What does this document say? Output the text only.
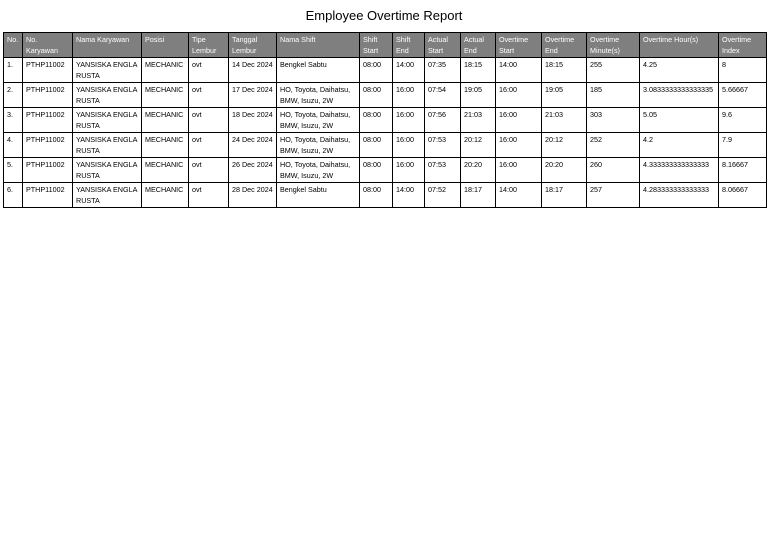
Employee Overtime Report
No.	No. Karyawan	Nama Karyawan	Posisi	Tipe Lembur	Tanggal Lembur	Nama Shift	Shift Start	Shift End	Actual Start	Actual End	Overtime Start	Overtime End	Overtime Minute(s)	Overtime Hour(s)	Overtime Index
1.	PTHP11002	YANSISKA ENGLA RUSTA	MECHANIC	ovt	14 Dec 2024	Bengkel Sabtu	08:00	14:00	07:35	18:15	14:00	18:15	255	4.25	8
2.	PTHP11002	YANSISKA ENGLA RUSTA	MECHANIC	ovt	17 Dec 2024	HO, Toyota, Daihatsu, BMW, Isuzu, 2W	08:00	16:00	07:54	19:05	16:00	19:05	185	3.0833333333333335	5.66667
3.	PTHP11002	YANSISKA ENGLA RUSTA	MECHANIC	ovt	18 Dec 2024	HO, Toyota, Daihatsu, BMW, Isuzu, 2W	08:00	16:00	07:56	21:03	16:00	21:03	303	5.05	9.6
4.	PTHP11002	YANSISKA ENGLA RUSTA	MECHANIC	ovt	24 Dec 2024	HO, Toyota, Daihatsu, BMW, Isuzu, 2W	08:00	16:00	07:53	20:12	16:00	20:12	252	4.2	7.9
5.	PTHP11002	YANSISKA ENGLA RUSTA	MECHANIC	ovt	26 Dec 2024	HO, Toyota, Daihatsu, BMW, Isuzu, 2W	08:00	16:00	07:53	20:20	16:00	20:20	260	4.333333333333333	8.16667
6.	PTHP11002	YANSISKA ENGLA RUSTA	MECHANIC	ovt	28 Dec 2024	Bengkel Sabtu	08:00	14:00	07:52	18:17	14:00	18:17	257	4.283333333333333	8.06667
